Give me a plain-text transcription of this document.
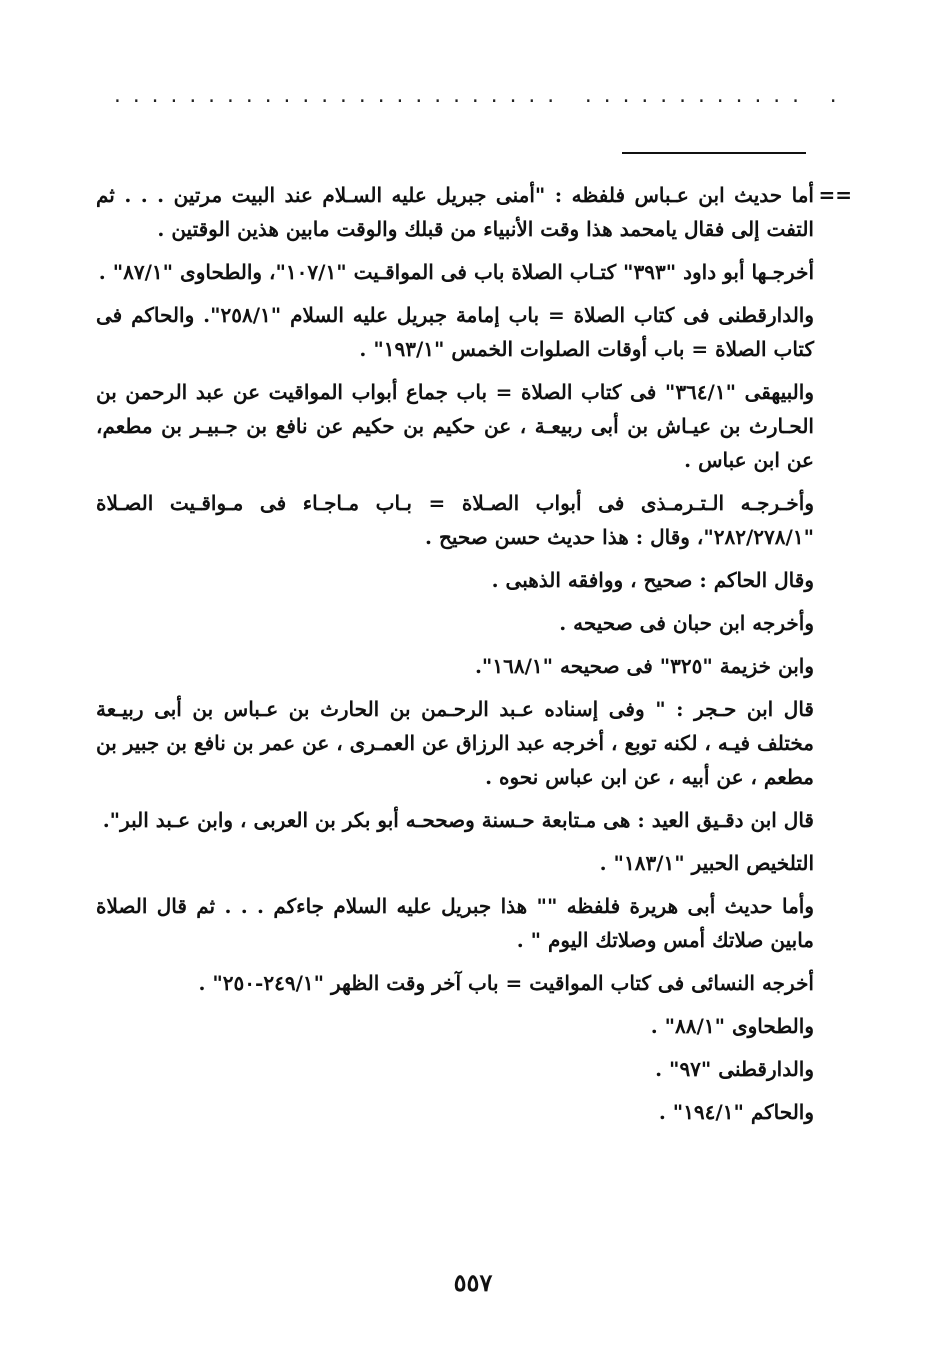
........................ ............ .

==
أما حديث ابن عـباس فلفظه : "أمنى جبريل عليه السـلام عند البيت مرتين . . . ثم التفت إلى فقال يامحمد هذا وقت الأنبياء من قبلك والوقت مابين هذين الوقتين .

أخرجـها أبو داود "٣٩٣" كتـاب الصلاة باب فى المواقـيت "١٠٧/١"، والطحاوى "٨٧/١" .

والدارقطنى فى كتاب الصلاة = باب إمامة جبريل عليه السلام "٢٥٨/١". والحاكم فى كتاب الصلاة = باب أوقات الصلوات الخمس "١٩٣/١" .

والبيهقى "٣٦٤/١" فى كتاب الصلاة = باب جماع أبواب المواقيت عن عبد الرحمن بن الحـارث بن عيـاش بن أبى ربيعـة ، عن حكيم بن حكيم عن نافع بن جـبيـر بن مطعم، عن ابن عباس .

وأخـرجـه الـتـرمـذى فى أبواب الصـلاة = بـاب مـاجـاء فى مـواقـيت الصـلاة "٢٨٢/٢٧٨/١"، وقال : هذا حديث حسن صحيح .

وقال الحاكم : صحيح ، ووافقه الذهبى .

وأخرجه ابن حبان فى صحيحه .

وابن خزيمة "٣٢٥" فى صحيحه "١٦٨/١".

قال ابن حـجر : " وفى إسناده عـبد الرحـمن بن الحارث بن عـباس بن أبى ربيـعة مختلف فيـه ، لكنه توبع ، أخرجه عبد الرزاق عن العمـرى ، عن عمر بن نافع بن جبير بن مطعم ، عن أبيه ، عن ابن عباس نحوه .

قال ابن دقـيق العيد : هى مـتابعة حـسنة وصححـه أبو بكر بن العربى ، وابن عـبد البر".

التلخيص الحبير "١٨٣/١" .

وأما حديث أبى هريرة فلفظه "" هذا جبريل عليه السلام جاءكم . . . ثم قال الصلاة مابين صلاتك أمس وصلاتك اليوم " .

أخرجه النسائى فى كتاب المواقيت = باب آخر وقت الظهر "٢٤٩/١-٢٥٠" .

والطحاوى "٨٨/١" .

والدارقطنى "٩٧" .

والحاكم "١٩٤/١" .

٥٥٧
